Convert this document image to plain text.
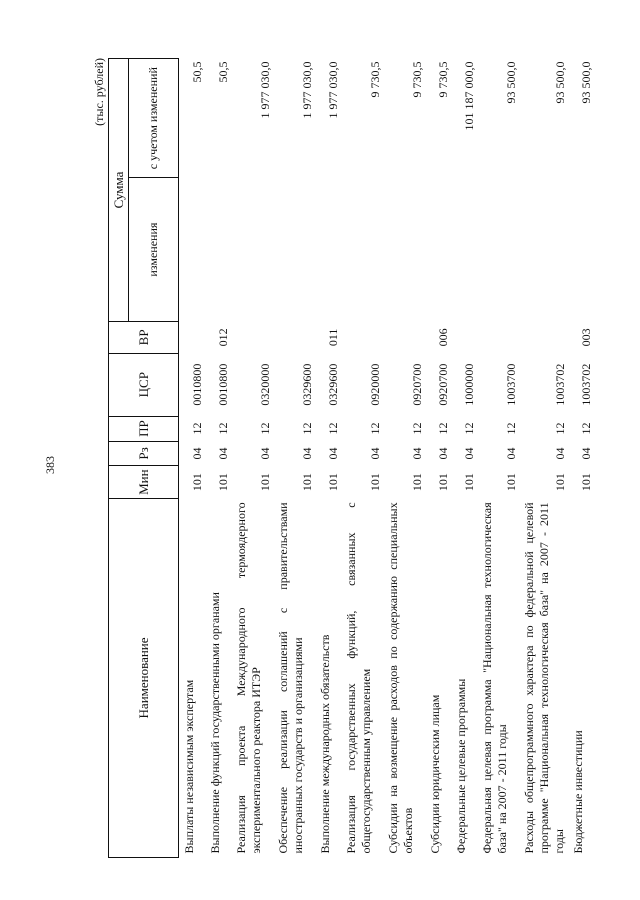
383
(тыс. рублей)
Наименование	Мин	Рз	ПР	ЦСР	ВР	Сумма	
						изменения	с учетом изменений
Выплаты независимым экспертам	101	04	12	0010800			50,5
Выполнение функций государственными органами	101	04	12	0010800	012		50,5
Реализация проекта Международного термоядерного экспериментального реактора ИТЭР	101	04	12	0320000			1 977 030,0
Обеспечение реализации соглашений с правительствами иностранных государств и организациями	101	04	12	0329600			1 977 030,0
Выполнение международных обязательств	101	04	12	0329600	011		1 977 030,0
Реализация государственных функций, связанных с общегосударственным управлением	101	04	12	0920000			9 730,5
Субсидии на возмещение расходов по содержанию специальных объектов	101	04	12	0920700			9 730,5
Субсидии юридическим лицам	101	04	12	0920700	006		9 730,5
Федеральные целевые программы	101	04	12	1000000			101 187 000,0
Федеральная целевая программа "Национальная технологическая база" на 2007 - 2011 годы	101	04	12	1003700			93 500,0
Расходы общепрограммного характера по федеральной целевой программе "Национальная технологическая база" на 2007 - 2011 годы	101	04	12	1003702			93 500,0
Бюджетные инвестиции	101	04	12	1003702	003		93 500,0
